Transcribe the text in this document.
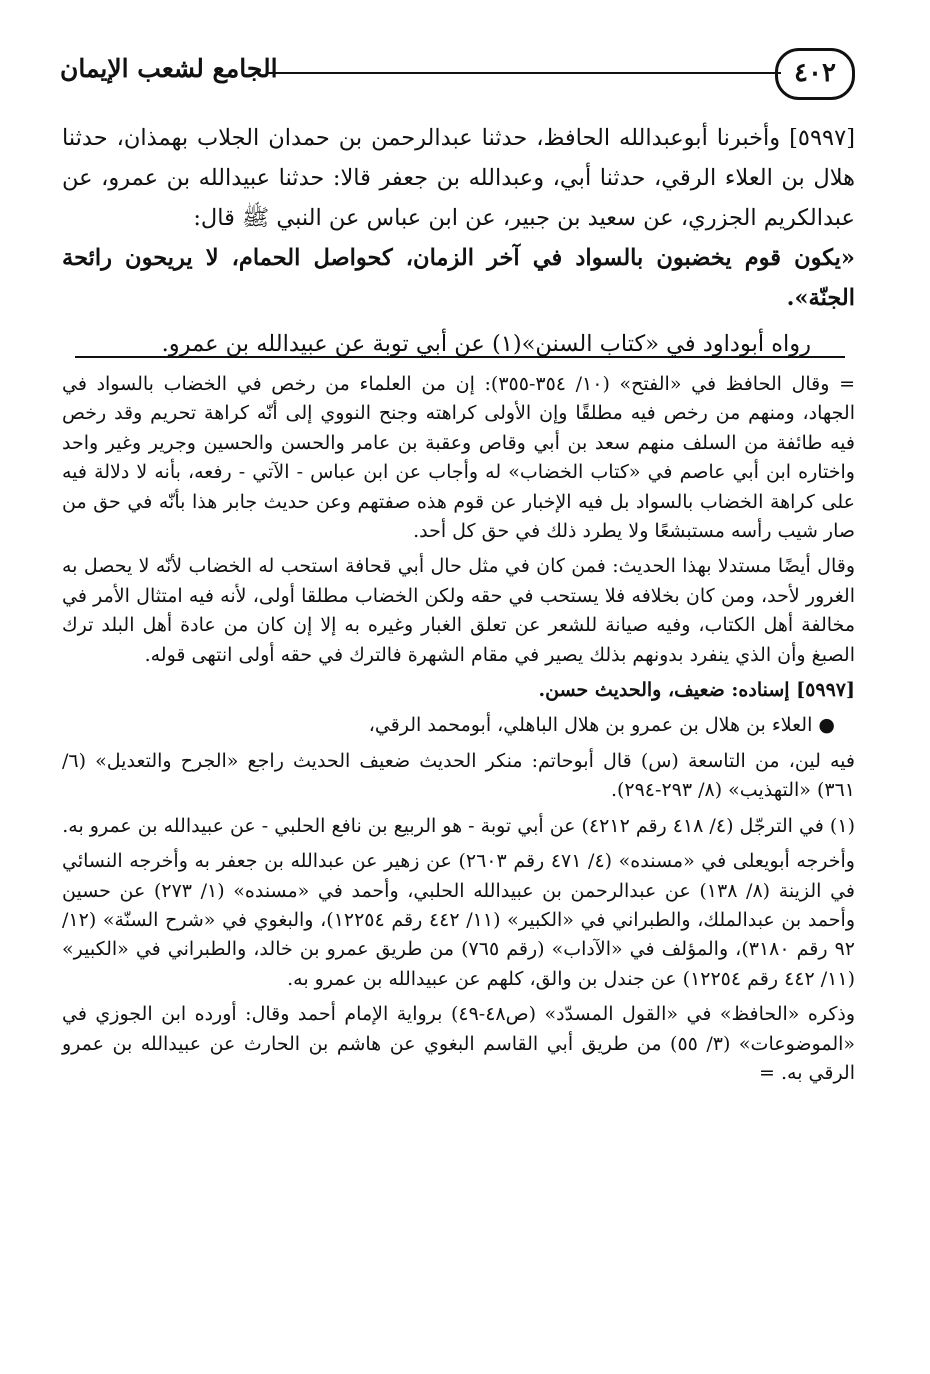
٤٠٢
الجامع لشعب الإيمان

[٥٩٩٧] وأخبرنا أبوعبدالله الحافظ، حدثنا عبدالرحمن بن حمدان الجلاب بهمذان، حدثنا هلال بن العلاء الرقي، حدثنا أبي، وعبدالله بن جعفر قالا: حدثنا عبيدالله بن عمرو، عن عبدالكريم الجزري، عن سعيد بن جبير، عن ابن عباس عن النبي ﷺ قال:

«يكون قوم يخضبون بالسواد في آخر الزمان، كحواصل الحمام، لا يريحون رائحة الجنّة».

رواه أبوداود في «كتاب السنن»(١) عن أبي توبة عن عبيدالله بن عمرو.

= وقال الحافظ في «الفتح» (١٠/ ٣٥٤-٣٥٥): إن من العلماء من رخص في الخضاب بالسواد في الجهاد، ومنهم من رخص فيه مطلقًا وإن الأولى كراهته وجنح النووي إلى أنّه كراهة تحريم وقد رخص فيه طائفة من السلف منهم سعد بن أبي وقاص وعقبة بن عامر والحسن والحسين وجرير وغير واحد واختاره ابن أبي عاصم في «كتاب الخضاب» له وأجاب عن ابن عباس - الآتي - رفعه، بأنه لا دلالة فيه على كراهة الخضاب بالسواد بل فيه الإخبار عن قوم هذه صفتهم وعن حديث جابر هذا بأنّه في حق من صار شيب رأسه مستبشعًا ولا يطرد ذلك في حق كل أحد.

وقال أيضًا مستدلا بهذا الحديث: فمن كان في مثل حال أبي قحافة استحب له الخضاب لأنّه لا يحصل به الغرور لأحد، ومن كان بخلافه فلا يستحب في حقه ولكن الخضاب مطلقا أولى، لأنه فيه امتثال الأمر في مخالفة أهل الكتاب، وفيه صيانة للشعر عن تعلق الغبار وغيره به إلا إن كان من عادة أهل البلد ترك الصبغ وأن الذي ينفرد بدونهم بذلك يصير في مقام الشهرة فالترك في حقه أولى انتهى قوله.

[٥٩٩٧] إسناده: ضعيف، والحديث حسن.

● العلاء بن هلال بن عمرو بن هلال الباهلي، أبومحمد الرقي،

فيه لين، من التاسعة (س) قال أبوحاتم: منكر الحديث ضعيف الحديث راجع «الجرح والتعديل» (٦/ ٣٦١) «التهذيب» (٨/ ٢٩٣-٢٩٤).

(١) في الترجّل (٤/ ٤١٨ رقم ٤٢١٢) عن أبي توبة - هو الربيع بن نافع الحلبي - عن عبيدالله بن عمرو به.

وأخرجه أبويعلى في «مسنده» (٤/ ٤٧١ رقم ٢٦٠٣) عن زهير عن عبدالله بن جعفر به وأخرجه النسائي في الزينة (٨/ ١٣٨) عن عبدالرحمن بن عبيدالله الحلبي، وأحمد في «مسنده» (١/ ٢٧٣) عن حسين وأحمد بن عبدالملك، والطبراني في «الكبير» (١١/ ٤٤٢ رقم ١٢٢٥٤)، والبغوي في «شرح السنّة» (١٢/ ٩٢ رقم ٣١٨٠)، والمؤلف في «الآداب» (رقم ٧٦٥) من طريق عمرو بن خالد، والطبراني في «الكبير» (١١/ ٤٤٢ رقم ١٢٢٥٤) عن جندل بن والق، كلهم عن عبيدالله بن عمرو به.

وذكره «الحافظ» في «القول المسدّد» (ص٤٨-٤٩) برواية الإمام أحمد وقال: أورده ابن الجوزي في «الموضوعات» (٣/ ٥٥) من طريق أبي القاسم البغوي عن هاشم بن الحارث عن عبيدالله بن عمرو الرقي به. =
